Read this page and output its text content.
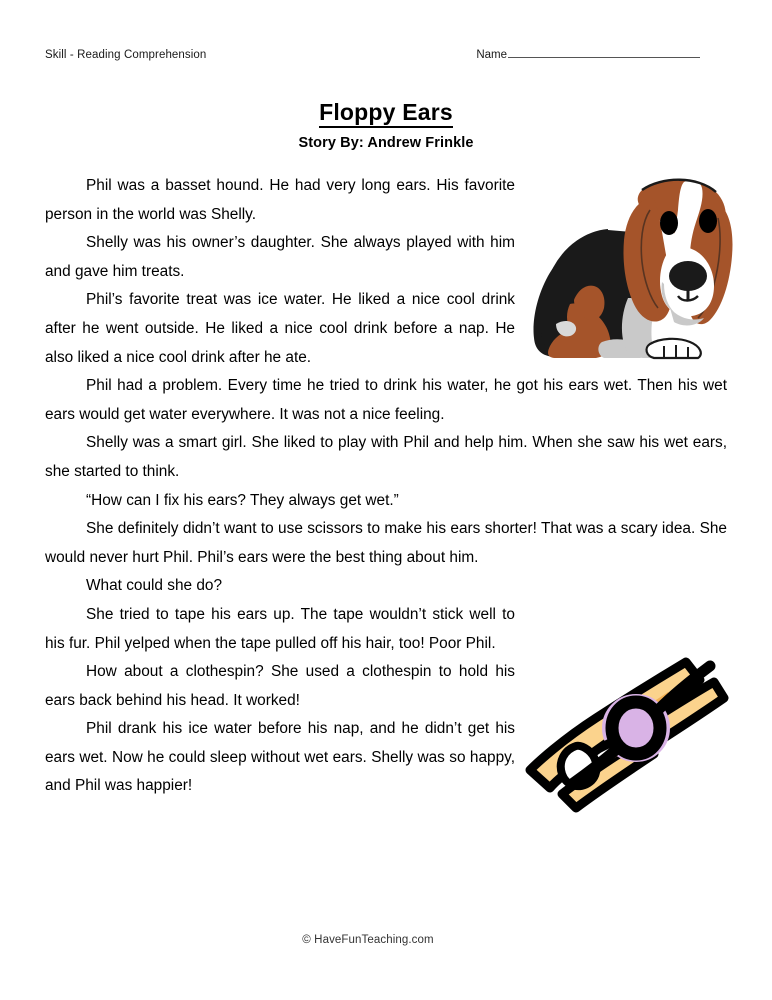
Skill - Reading Comprehension	Name
Floppy Ears
Story By: Andrew Frinkle

Phil was a basset hound. He had very long ears. His favorite person in the world was Shelly.

Shelly was his owner’s daughter. She always played with him and gave him treats.

Phil’s favorite treat was ice water. He liked a nice cool drink after he went outside. He liked a nice cool drink before a nap. He also liked a nice cool drink after he ate.

Phil had a problem. Every time he tried to drink his water, he got his ears wet. Then his wet ears would get water everywhere. It was not a nice feeling.

Shelly was a smart girl. She liked to play with Phil and help him. When she saw his wet ears, she started to think.

“How can I fix his ears? They always get wet.”

She definitely didn’t want to use scissors to make his ears shorter! That was a scary idea. She would never hurt Phil. Phil’s ears were the best thing about him.

What could she do?

She tried to tape his ears up. The tape wouldn’t stick well to his fur. Phil yelped when the tape pulled off his hair, too! Poor Phil.

How about a clothespin? She used a clothespin to hold his ears back behind his head. It worked!

Phil drank his ice water before his nap, and he didn’t get his ears wet. Now he could sleep without wet ears. Shelly was so happy, and Phil was happier!

© HaveFunTeaching.com
